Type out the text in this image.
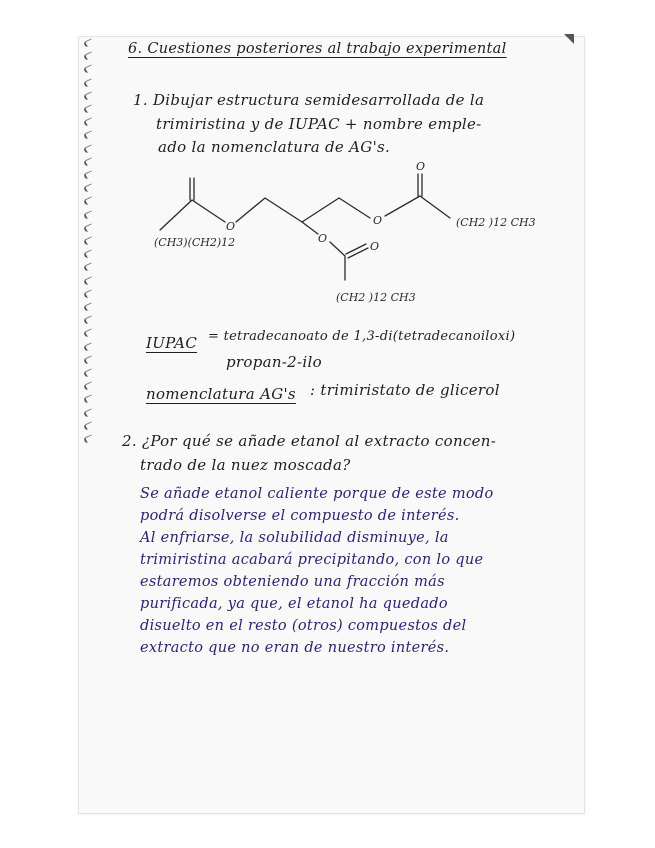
6. Cuestiones posteriores al trabajo experimental
1. Dibujar estructura semidesarrollada de la
trimiristina y de IUPAC + nombre emple-
ado la nomenclatura de AG's.
O	O
O
O
O
(CH3)(CH2)12
(CH2 )12 CH3
(CH2 )12 CH3
IUPAC = tetradecanoato de 1,3-di(tetradecanoiloxi)
propan-2-ilo
nomenclatura AG's : trimiristato de glicerol
2. ¿Por qué se añade etanol al extracto concen-
trado de la nuez moscada?
Se añade etanol caliente porque de este modo
podrá disolverse el compuesto de interés.
Al enfriarse, la solubilidad disminuye, la
trimiristina acabará precipitando, con lo que
estaremos obteniendo una fracción más
purificada, ya que, el etanol ha quedado
disuelto en el resto (otros) compuestos del
extracto que no eran de nuestro interés.
